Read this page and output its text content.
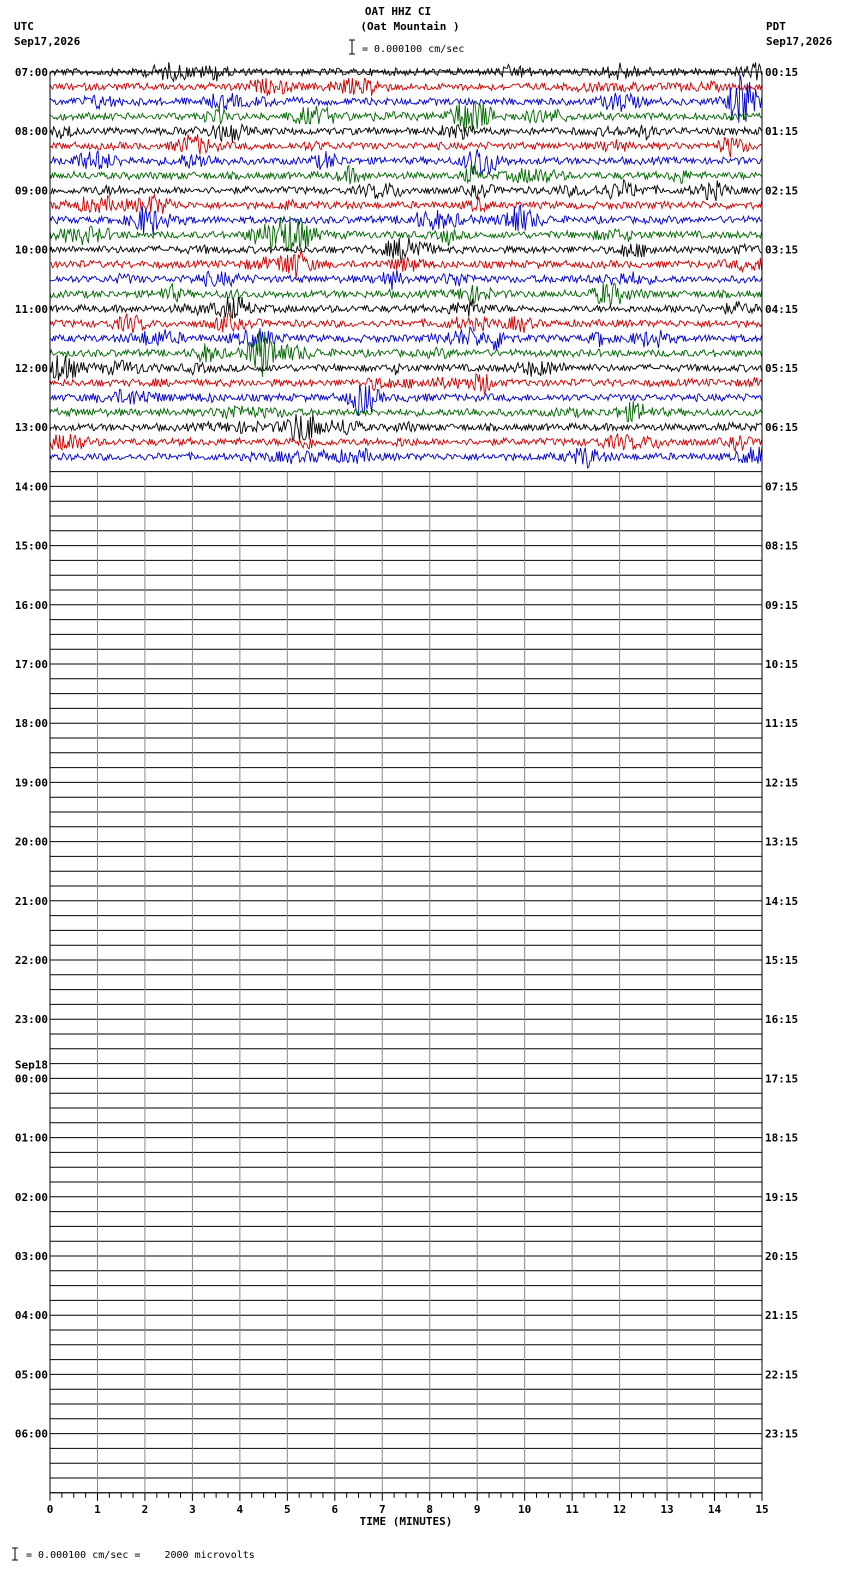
UTC
Sep17,2026
PDT
Sep17,2026
OAT HHZ CI
(Oat Mountain )
= 0.000100 cm/sec
= 0.000100 cm/sec =    2000 microvolts
07:00
08:00
09:00
10:00
11:00
12:00
13:00
14:00
15:00
16:00
17:00
18:00
19:00
20:00
21:00
22:00
23:00
Sep18
00:00
01:00
02:00
03:00
04:00
05:00
06:00
00:15
01:15
02:15
03:15
04:15
05:15
06:15
07:15
08:15
09:15
10:15
11:15
12:15
13:15
14:15
15:15
16:15
17:15
18:15
19:15
20:15
21:15
22:15
23:15
0	1	2	3	4	5	6	7	8	9	10	11	12	13	14	15
TIME (MINUTES)
